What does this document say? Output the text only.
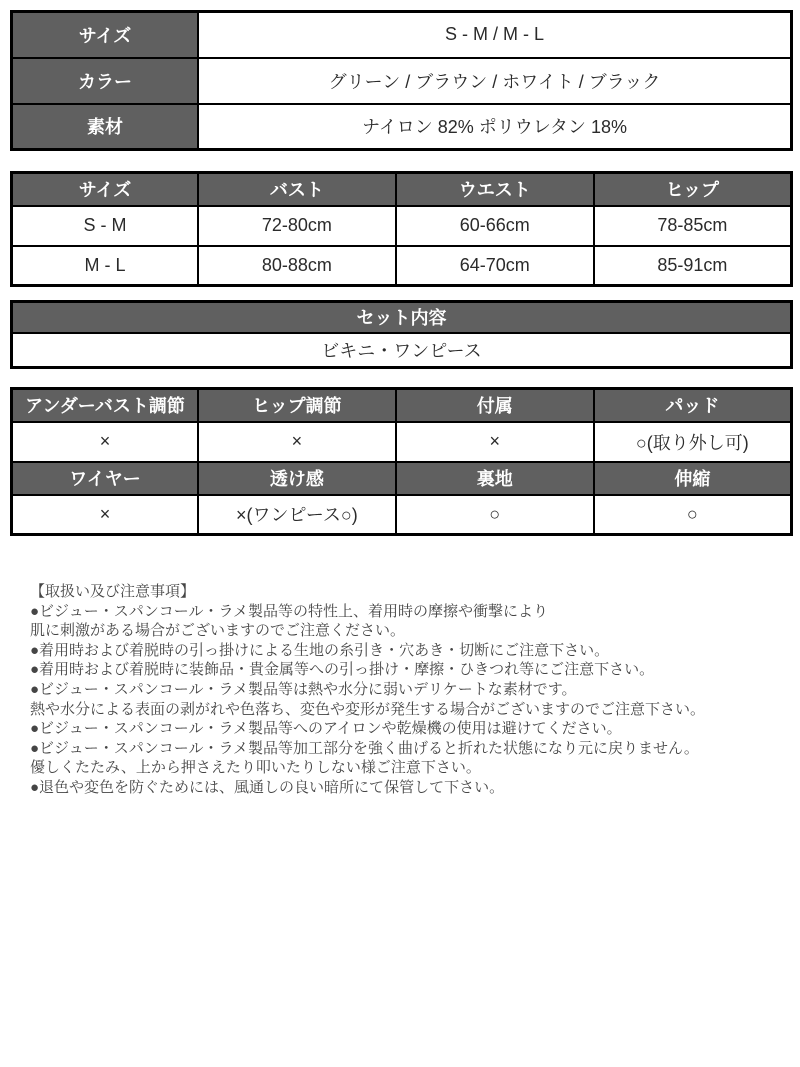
サイズ	S - M / M - L
カラー	グリーン / ブラウン / ホワイト / ブラック
素材	ナイロン 82% ポリウレタン 18%
サイズ	バスト	ウエスト	ヒップ
S - M	72-80cm	60-66cm	78-85cm
M - L	80-88cm	64-70cm	85-91cm
セット内容
ビキニ・ワンピース
アンダーバスト調節	ヒップ調節	付属	パッド
×	×	×	○(取り外し可)
ワイヤー	透け感	裏地	伸縮
×	×(ワンピース○)	○	○
【取扱い及び注意事項】
●ビジュー・スパンコール・ラメ製品等の特性上、着用時の摩擦や衝撃により
肌に刺激がある場合がございますのでご注意ください。
●着用時および着脱時の引っ掛けによる生地の糸引き・穴あき・切断にご注意下さい。
●着用時および着脱時に装飾品・貴金属等への引っ掛け・摩擦・ひきつれ等にご注意下さい。
●ビジュー・スパンコール・ラメ製品等は熱や水分に弱いデリケートな素材です。
熱や水分による表面の剥がれや色落ち、変色や変形が発生する場合がございますのでご注意下さい。
●ビジュー・スパンコール・ラメ製品等へのアイロンや乾燥機の使用は避けてください。
●ビジュー・スパンコール・ラメ製品等加工部分を強く曲げると折れた状態になり元に戻りません。
優しくたたみ、上から押さえたり叩いたりしない様ご注意下さい。
●退色や変色を防ぐためには、風通しの良い暗所にて保管して下さい。
